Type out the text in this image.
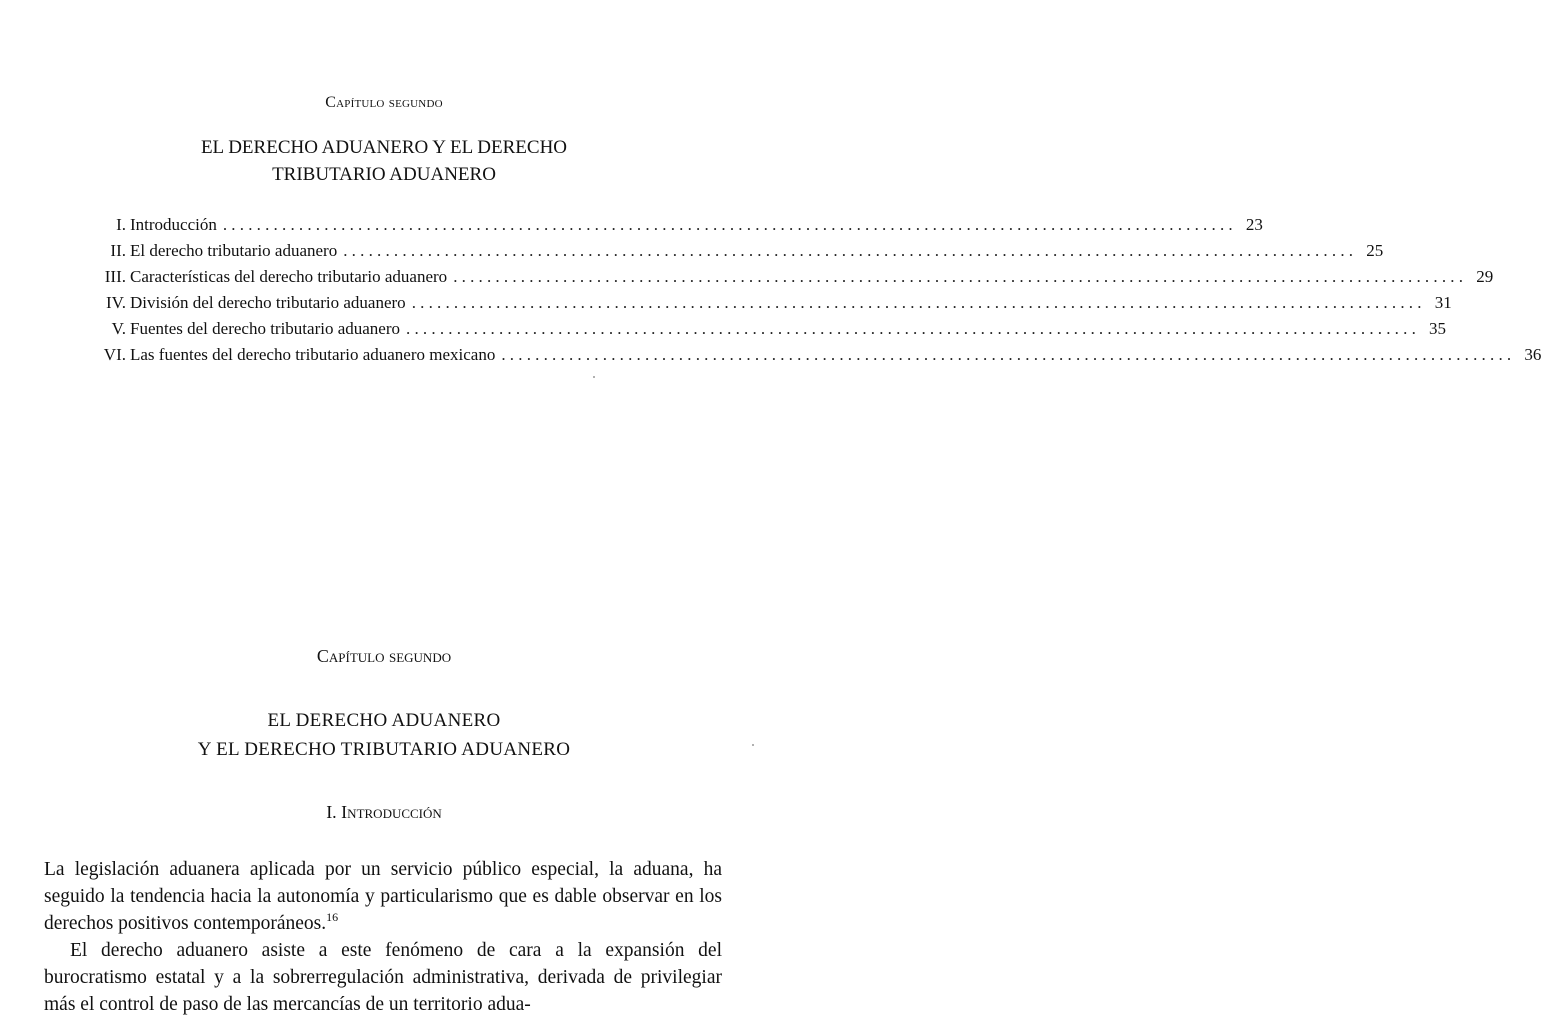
Capítulo segundo
EL DERECHO ADUANERO Y EL DERECHO
TRIBUTARIO ADUANERO
I. Introducción ........................................................................................................................ 23
II. El derecho tributario aduanero ........................................................................................................................ 25
III. Características del derecho tributario aduanero ........................................................................................................................ 29
IV. División del derecho tributario aduanero ........................................................................................................................ 31
V. Fuentes del derecho tributario aduanero ........................................................................................................................ 35
VI. Las fuentes del derecho tributario aduanero mexicano ........................................................................................................................ 36
Capítulo segundo
EL DERECHO ADUANERO
Y EL DERECHO TRIBUTARIO ADUANERO
I. Introducción

La legislación aduanera aplicada por un servicio público especial, la aduana, ha seguido la tendencia hacia la autonomía y particularismo que es dable observar en los derechos positivos contemporáneos.$^{16}$

El derecho aduanero asiste a este fenómeno de cara a la expansión del burocratismo estatal y a la sobrerregulación administrativa, derivada de privilegiar más el control de paso de las mercancías de un territorio adua-
